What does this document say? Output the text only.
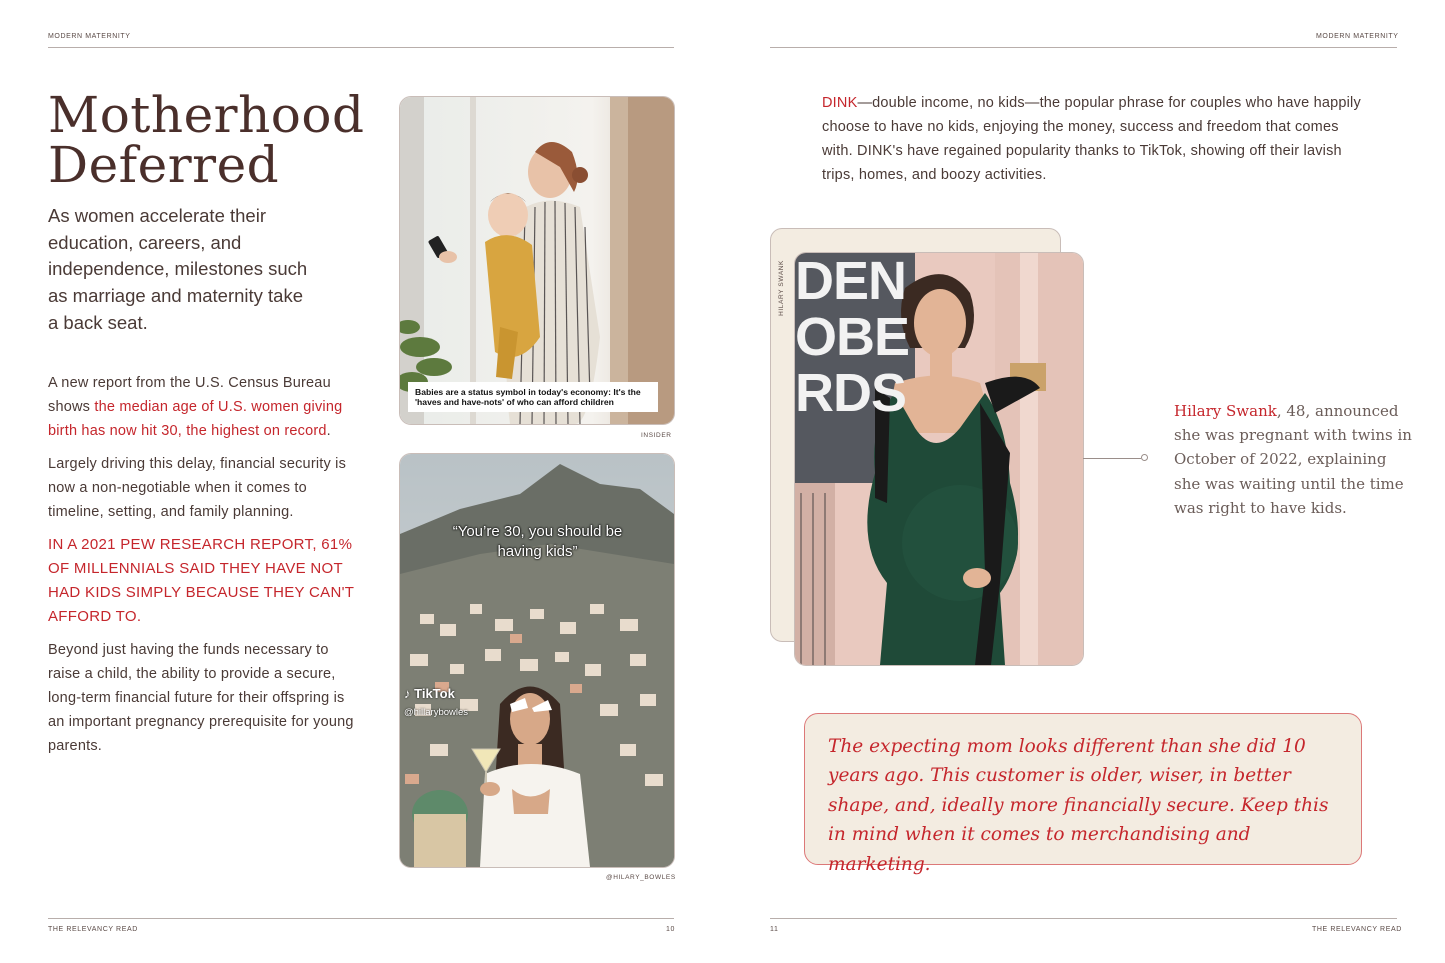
MODERN MATERNITY
Motherhood
Deferred
As women accelerate their education, careers, and independence, milestones such as marriage and maternity take a back seat.
A new report from the U.S. Census Bureau shows the median age of U.S. women giving birth has now hit 30, the highest on record.
Largely driving this delay, financial security is now a non-negotiable when it comes to timeline, setting, and family planning.
IN A 2021 PEW RESEARCH REPORT, 61% OF MILLENNIALS SAID THEY HAVE NOT HAD KIDS SIMPLY BECAUSE THEY CAN'T AFFORD TO.
Beyond just having the funds necessary to raise a child, the ability to provide a secure, long-term financial future for their offspring is an important pregnancy prerequisite for young parents.
Babies are a status symbol in today's economy: It's the 'haves and have-nots' of who can afford children
INSIDER
“You’re 30, you should be having kids”
♪ TikTok
@hillarybowles
@HILARY_BOWLES
THE RELEVANCY READ	10
MODERN MATERNITY
DINK—double income, no kids—the popular phrase for couples who have happily choose to have no kids, enjoying the money, success and freedom that comes with. DINK's have regained popularity thanks to TikTok, showing off their lavish trips, homes, and boozy activities.
HILARY SWANK DEN
OBE
RDS	Hilary Swank, 48, announced she was pregnant with twins in October of 2022, explaining she was waiting until the time was right to have kids.
The expecting mom looks different than she did 10 years ago. This customer is older, wiser, in better shape, and, ideally more financially secure. Keep this in mind when it comes to merchandising and marketing.
11	THE RELEVANCY READ
